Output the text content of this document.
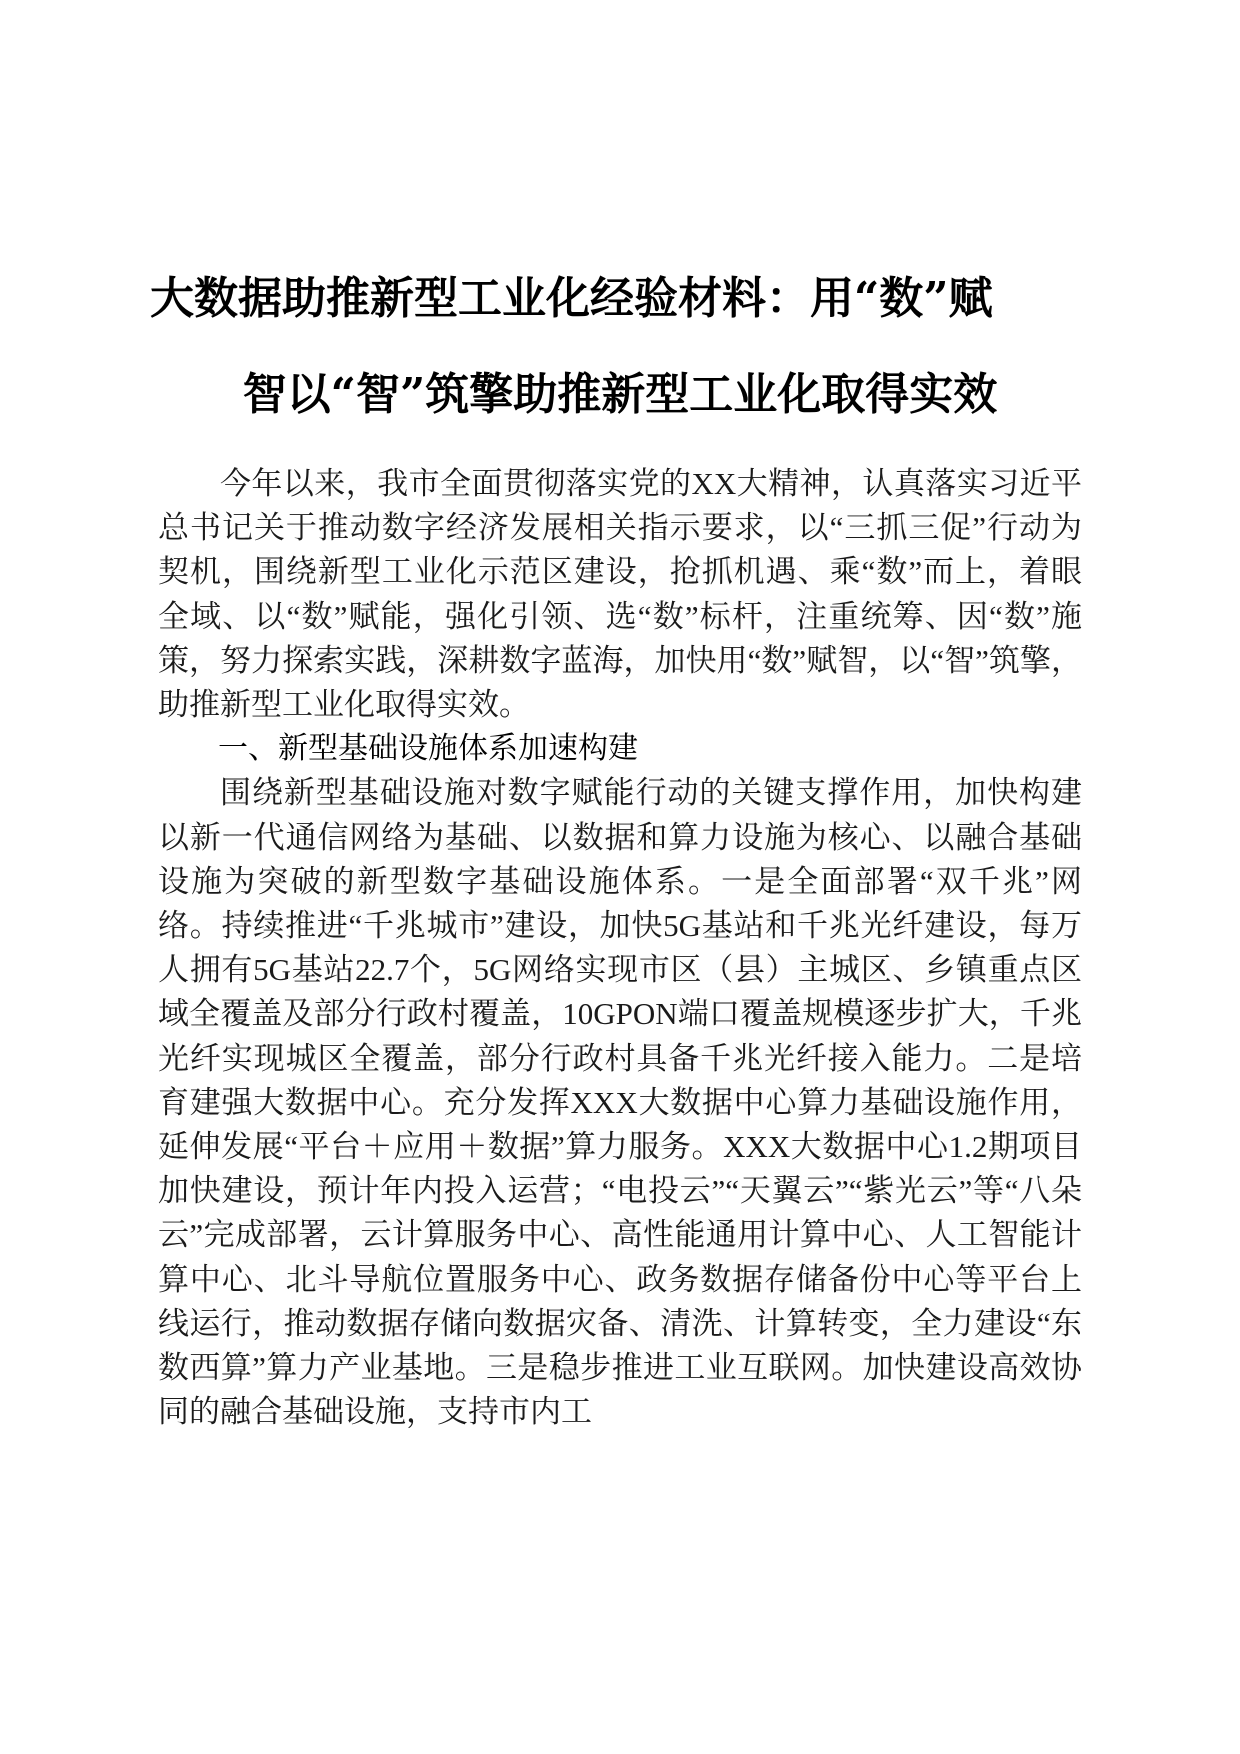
大数据助推新型工业化经验材料：用“数”赋
智以“智”筑擎助推新型工业化取得实效

今年以来，我市全面贯彻落实党的XX大精神，认真落实习近平总书记关于推动数字经济发展相关指示要求，以“三抓三促”行动为契机，围绕新型工业化示范区建设，抢抓机遇、乘“数”而上，着眼全域、以“数”赋能，强化引领、选“数”标杆，注重统筹、因“数”施策，努力探索实践，深耕数字蓝海，加快用“数”赋智，以“智”筑擎，助推新型工业化取得实效。

一、新型基础设施体系加速构建

围绕新型基础设施对数字赋能行动的关键支撑作用，加快构建以新一代通信网络为基础、以数据和算力设施为核心、以融合基础设施为突破的新型数字基础设施体系。一是全面部署“双千兆”网络。持续推进“千兆城市”建设，加快5G基站和千兆光纤建设，每万人拥有5G基站22.7个，5G网络实现市区（县）主城区、乡镇重点区域全覆盖及部分行政村覆盖，10GPON端口覆盖规模逐步扩大，千兆光纤实现城区全覆盖，部分行政村具备千兆光纤接入能力。二是培育建强大数据中心。充分发挥XXX大数据中心算力基础设施作用，延伸发展“平台＋应用＋数据”算力服务。XXX大数据中心1.2期项目加快建设，预计年内投入运营；“电投云”“天翼云”“紫光云”等“八朵云”完成部署，云计算服务中心、高性能通用计算中心、人工智能计算中心、北斗导航位置服务中心、政务数据存储备份中心等平台上线运行，推动数据存储向数据灾备、清洗、计算转变，全力建设“东数西算”算力产业基地。三是稳步推进工业互联网。加快建设高效协同的融合基础设施，支持市内工
